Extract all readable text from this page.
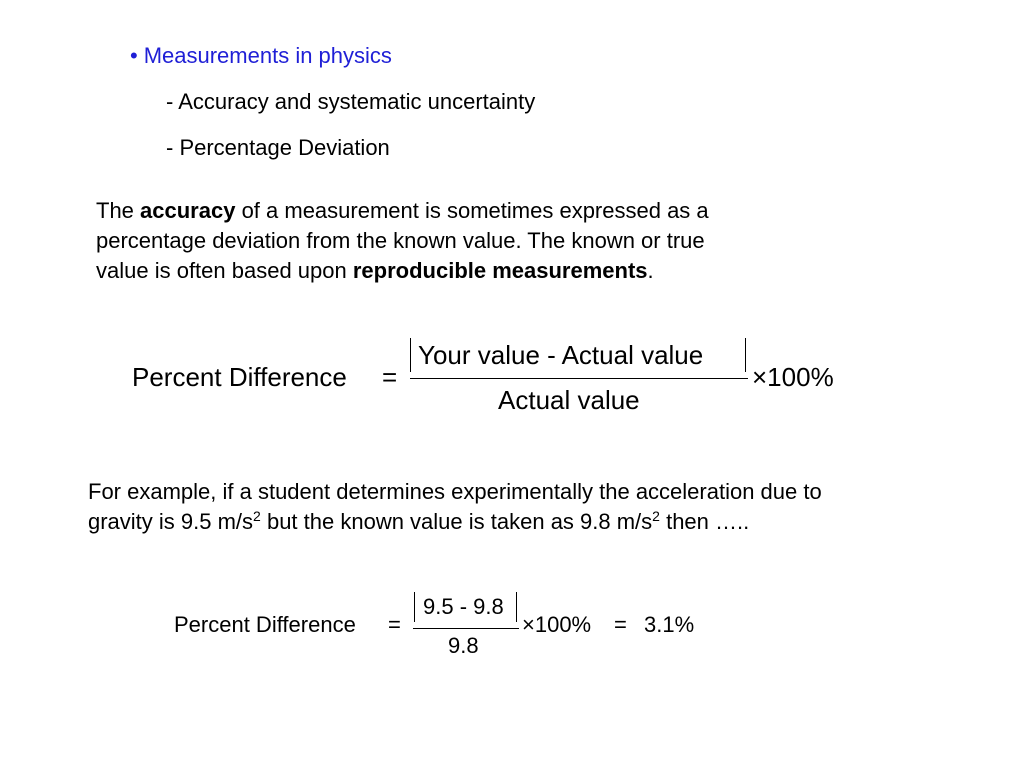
• Measurements in physics
- Accuracy and systematic uncertainty
- Percentage Deviation
The accuracy of a measurement is sometimes expressed as a
percentage deviation from the known value. The known or true
value is often based upon reproducible measurements.
Percent Difference =
Your value - Actual value
Actual value
×100%
For example, if a student determines experimentally the acceleration due to
gravity is 9.5 $m/s^2$ but the known value is taken as 9.8 $m/s^2$ then …..
Percent Difference =
9.5 - 9.8
9.8
×100% = 3.1%
